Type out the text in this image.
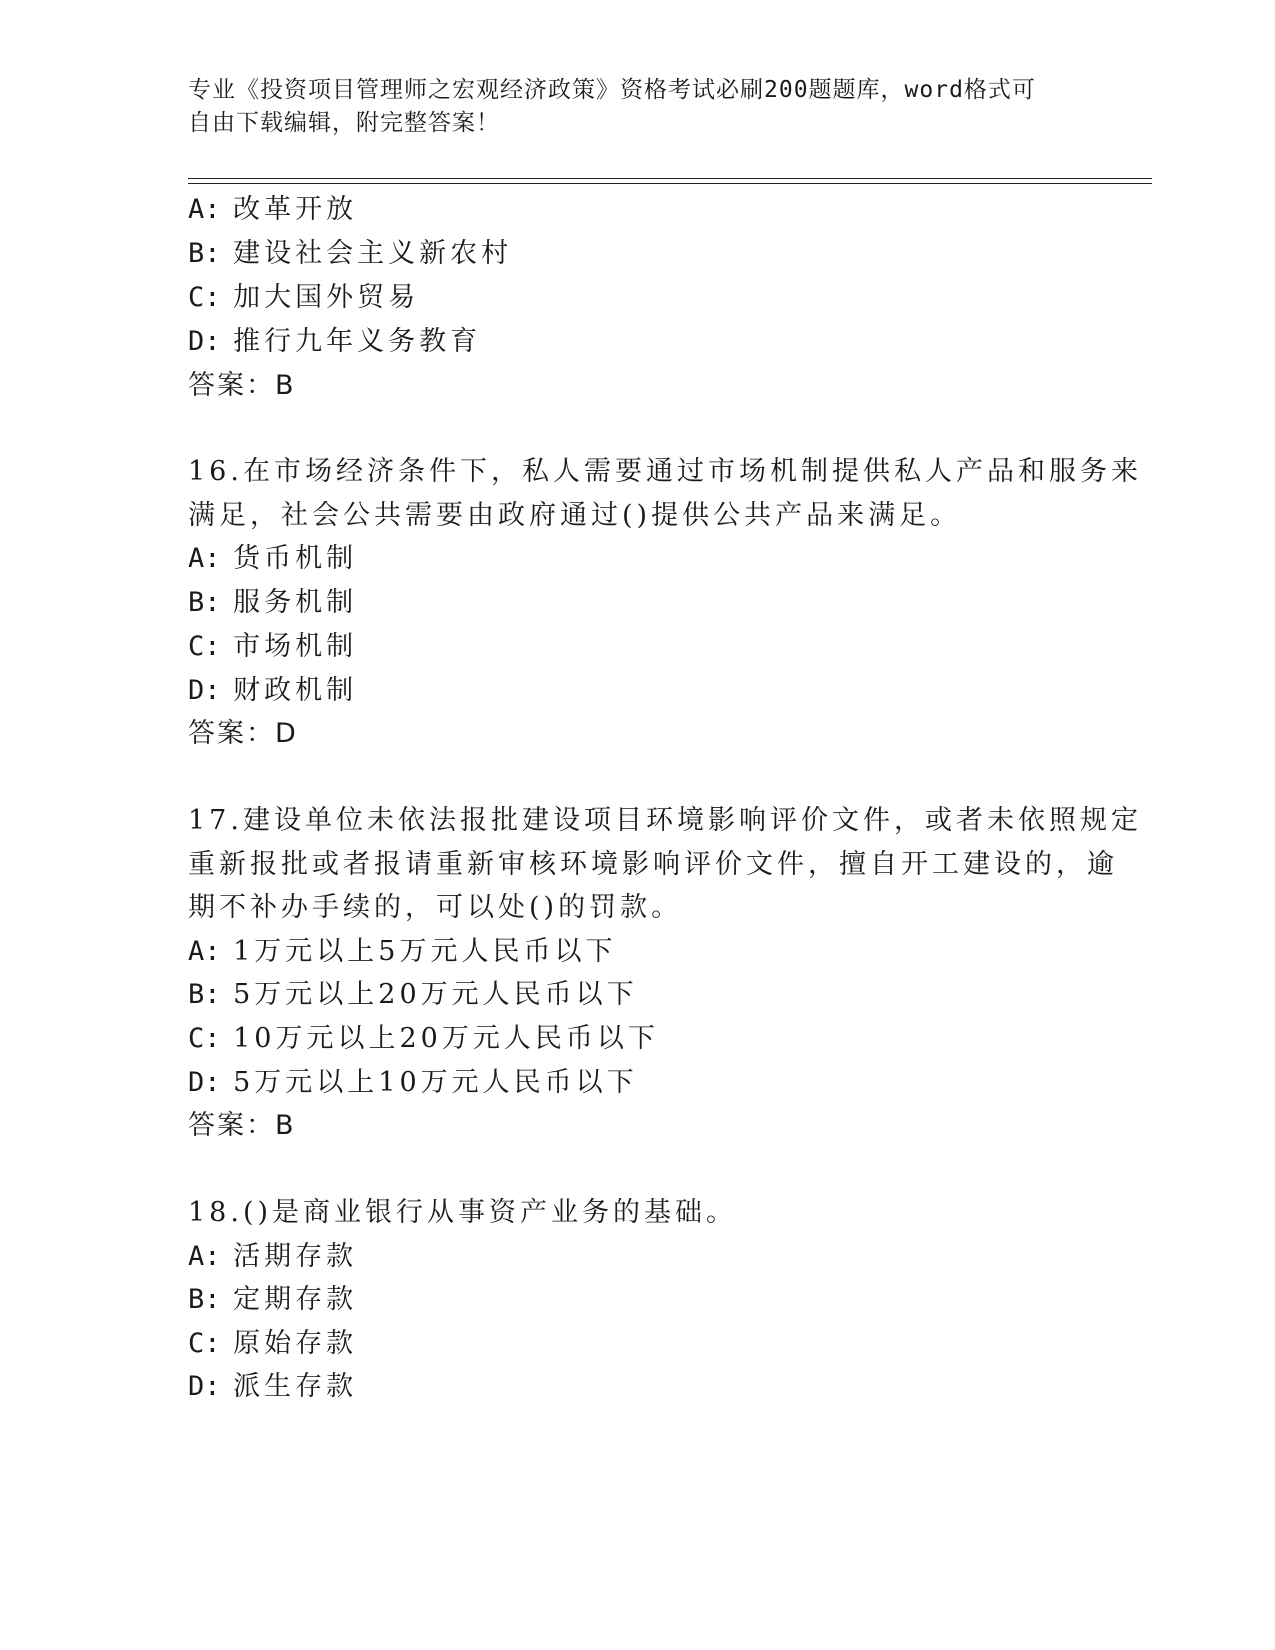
专业《投资项目管理师之宏观经济政策》资格考试必刷200题题库，word格式可
自由下载编辑，附完整答案！
A: 改革开放
B: 建设社会主义新农村
C: 加大国外贸易
D: 推行九年义务教育
答案：B
16.在市场经济条件下，私人需要通过市场机制提供私人产品和服务来
满足，社会公共需要由政府通过()提供公共产品来满足。
A: 货币机制
B: 服务机制
C: 市场机制
D: 财政机制
答案：D
17.建设单位未依法报批建设项目环境影响评价文件，或者未依照规定
重新报批或者报请重新审核环境影响评价文件，擅自开工建设的，逾
期不补办手续的，可以处()的罚款。
A: 1万元以上5万元人民币以下
B: 5万元以上20万元人民币以下
C: 10万元以上20万元人民币以下
D: 5万元以上10万元人民币以下
答案：B
18.()是商业银行从事资产业务的基础。
A: 活期存款
B: 定期存款
C: 原始存款
D: 派生存款
